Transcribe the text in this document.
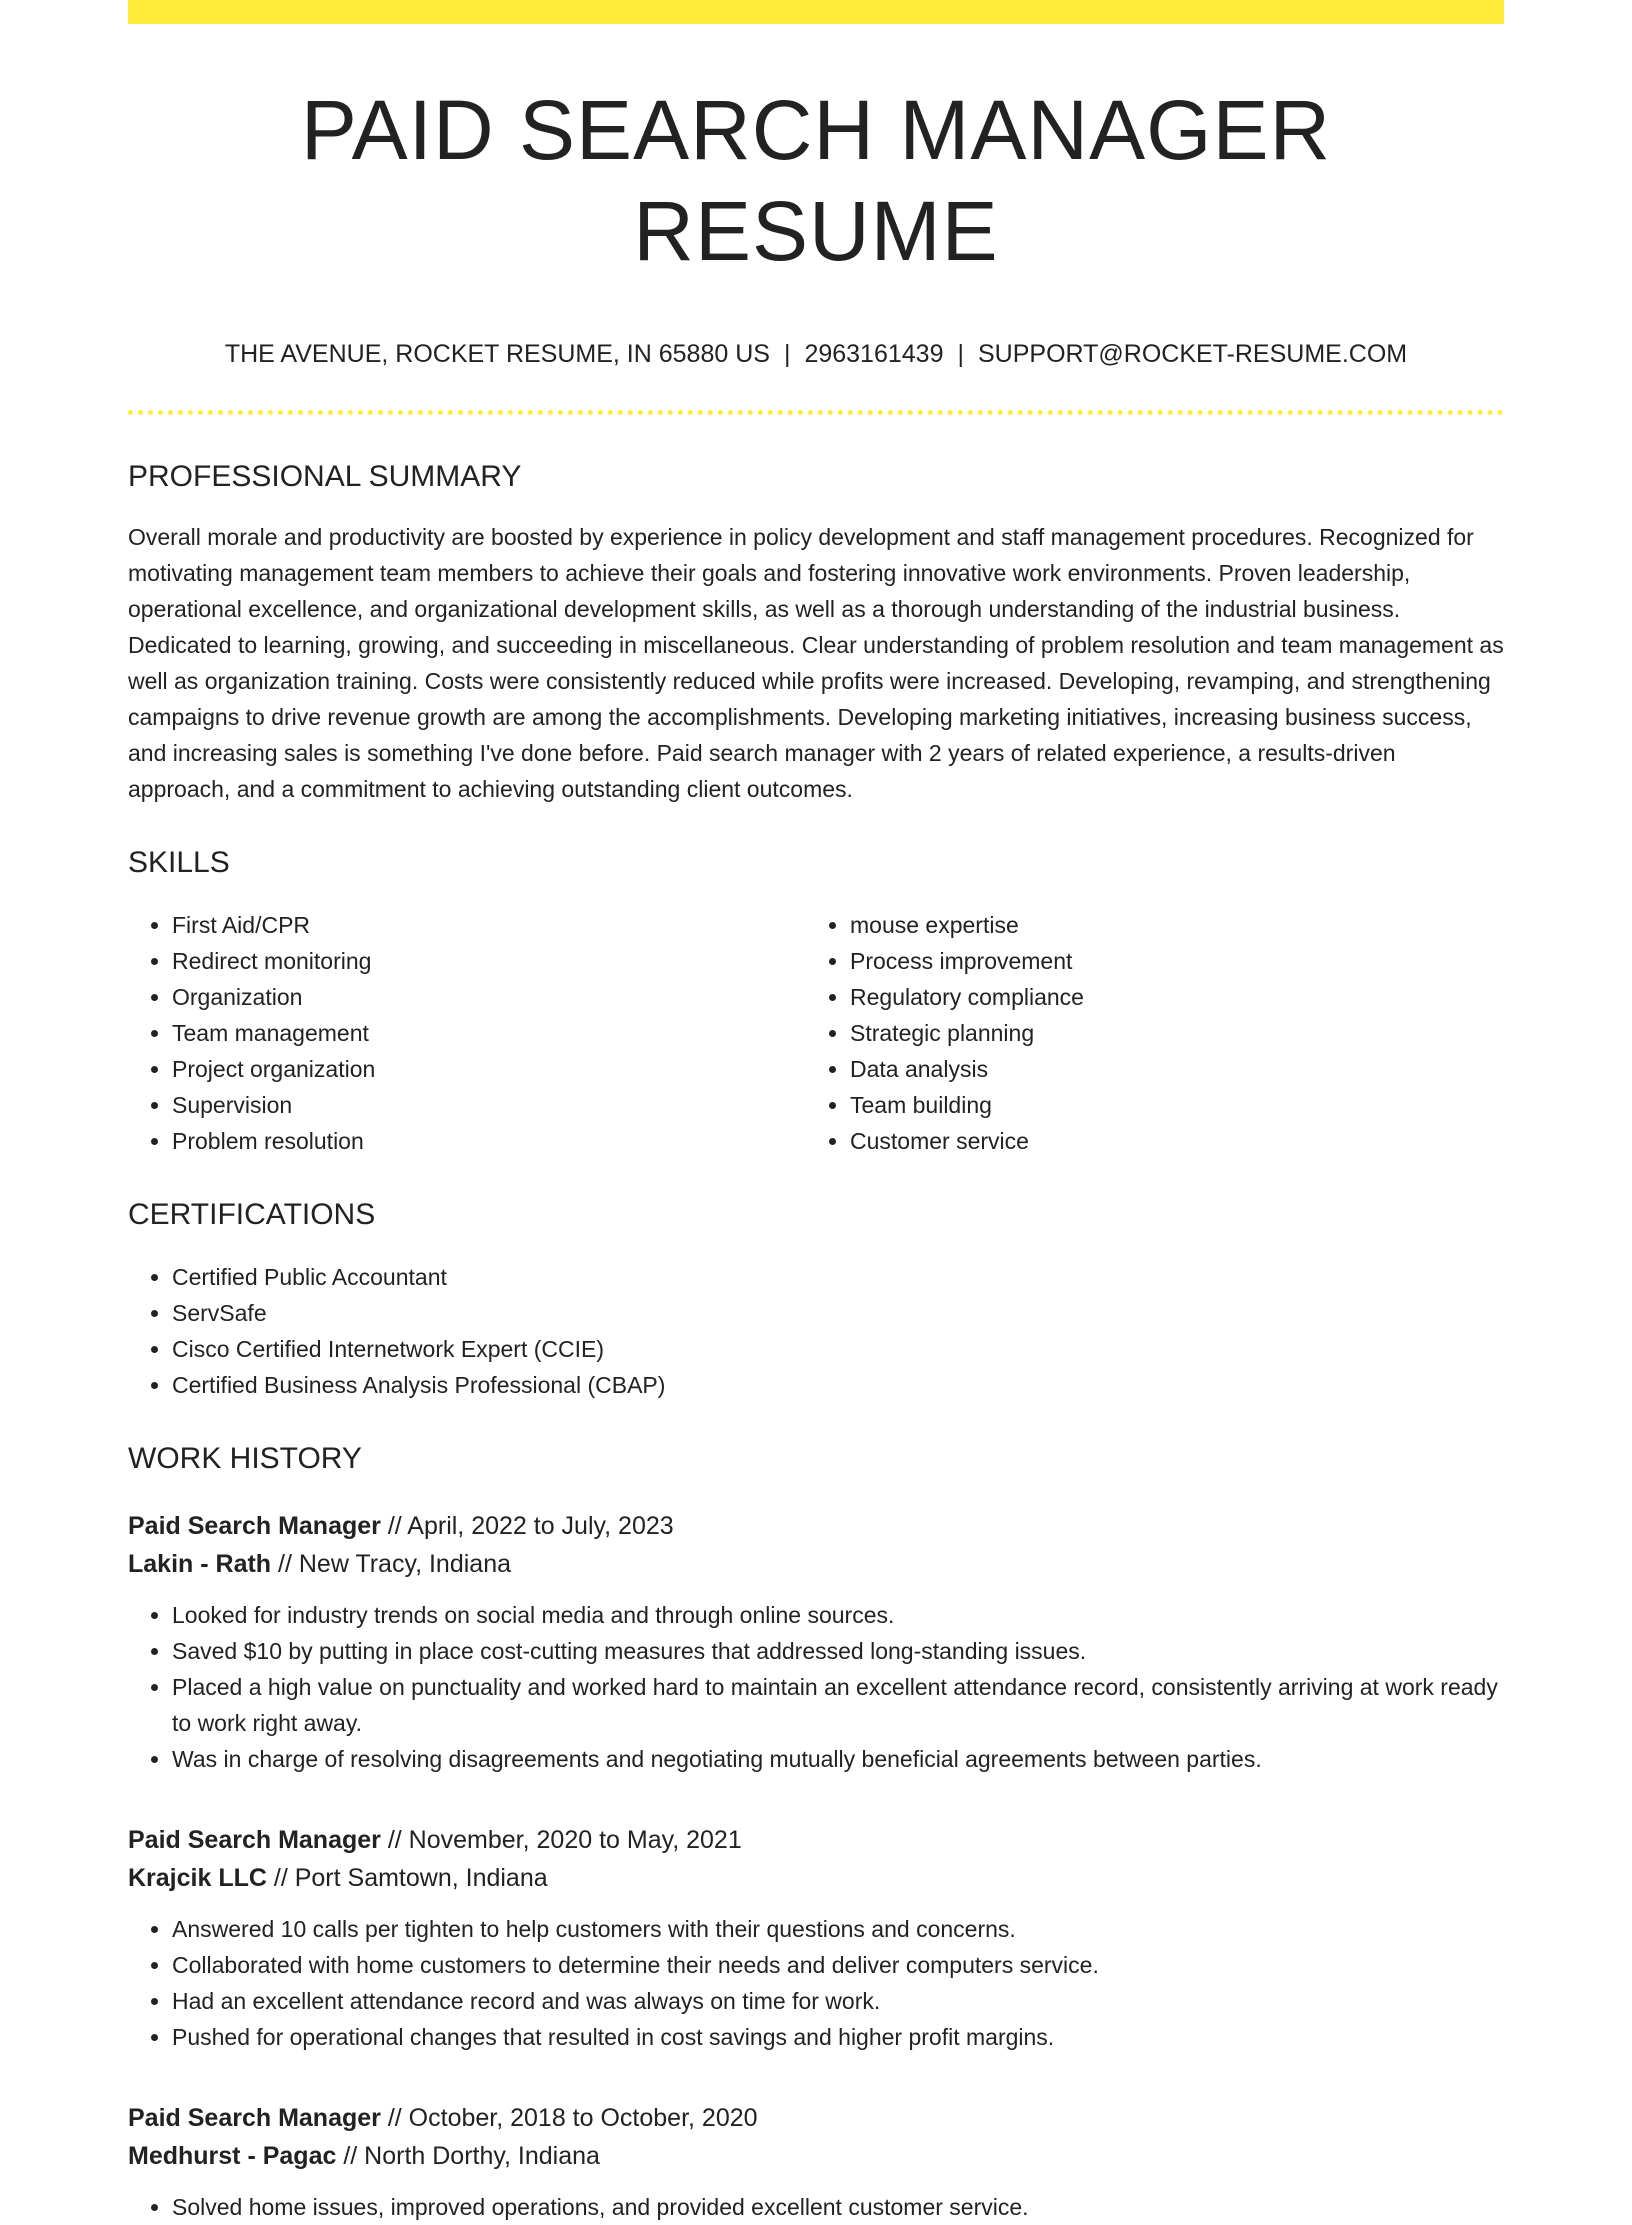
PAID SEARCH MANAGER RESUME
THE AVENUE, ROCKET RESUME, IN 65880 US | 2963161439 | SUPPORT@ROCKET-RESUME.COM
PROFESSIONAL SUMMARY

Overall morale and productivity are boosted by experience in policy development and staff management procedures. Recognized for motivating management team members to achieve their goals and fostering innovative work environments. Proven leadership, operational excellence, and organizational development skills, as well as a thorough understanding of the industrial business. Dedicated to learning, growing, and succeeding in miscellaneous. Clear understanding of problem resolution and team management as well as organization training. Costs were consistently reduced while profits were increased. Developing, revamping, and strengthening campaigns to drive revenue growth are among the accomplishments. Developing marketing initiatives, increasing business success, and increasing sales is something I've done before. Paid search manager with 2 years of related experience, a results-driven approach, and a commitment to achieving outstanding client outcomes.

SKILLS
• First Aid/CPR
• Redirect monitoring
• Organization
• Team management
• Project organization
• Supervision
• Problem resolution
• mouse expertise
• Process improvement
• Regulatory compliance
• Strategic planning
• Data analysis
• Team building
• Customer service
CERTIFICATIONS
• Certified Public Accountant
• ServSafe
• Cisco Certified Internetwork Expert (CCIE)
• Certified Business Analysis Professional (CBAP)
WORK HISTORY
Paid Search Manager // April, 2022 to July, 2023
Lakin - Rath // New Tracy, Indiana
• Looked for industry trends on social media and through online sources.
• Saved $10 by putting in place cost-cutting measures that addressed long-standing issues.
• Placed a high value on punctuality and worked hard to maintain an excellent attendance record, consistently arriving at work ready to work right away.
• Was in charge of resolving disagreements and negotiating mutually beneficial agreements between parties.
Paid Search Manager // November, 2020 to May, 2021
Krajcik LLC // Port Samtown, Indiana
• Answered 10 calls per tighten to help customers with their questions and concerns.
• Collaborated with home customers to determine their needs and deliver computers service.
• Had an excellent attendance record and was always on time for work.
• Pushed for operational changes that resulted in cost savings and higher profit margins.
Paid Search Manager // October, 2018 to October, 2020
Medhurst - Pagac // North Dorthy, Indiana
• Solved home issues, improved operations, and provided excellent customer service.
